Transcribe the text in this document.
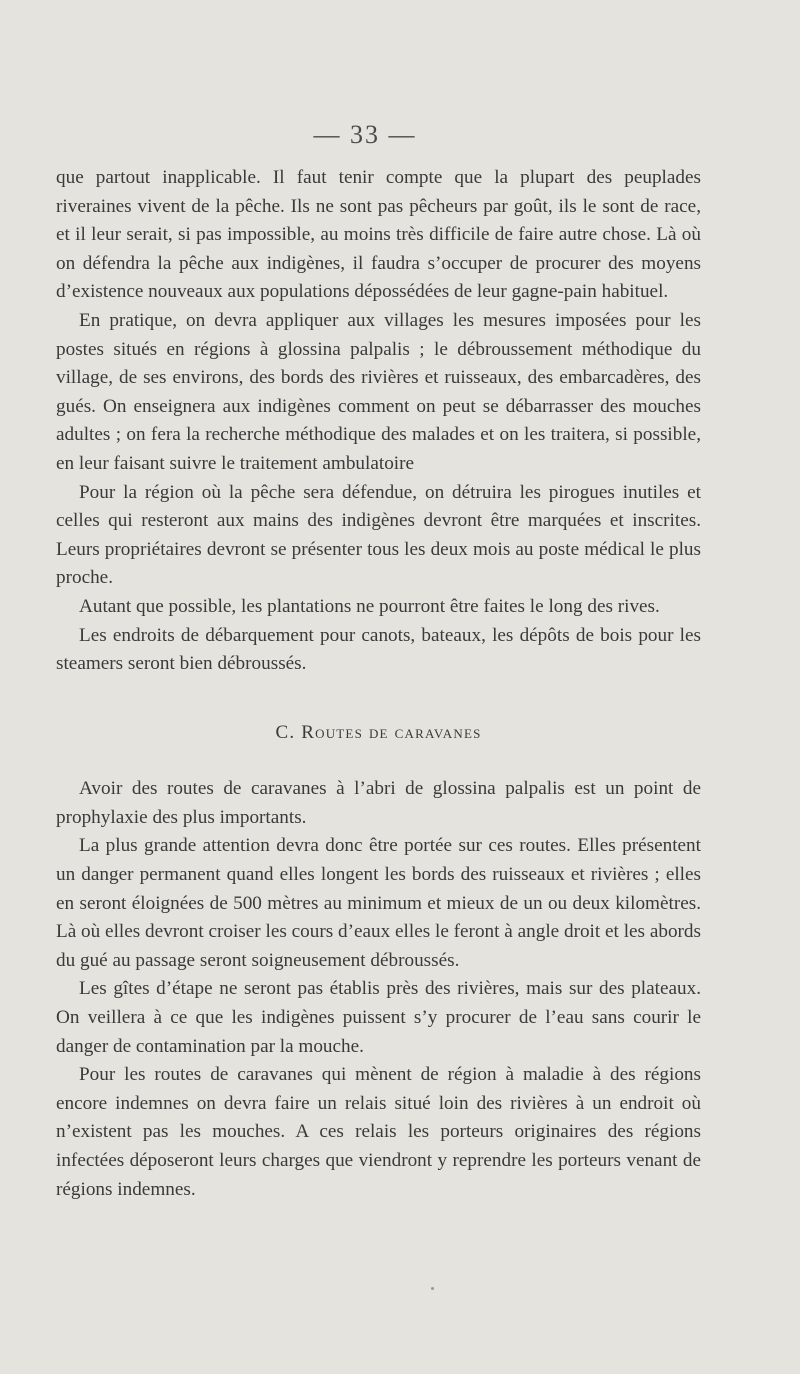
— 33 —

que partout inapplicable. Il faut tenir compte que la plupart des peuplades riveraines vivent de la pêche. Ils ne sont pas pêcheurs par goût, ils le sont de race, et il leur serait, si pas impossible, au moins très difficile de faire autre chose. Là où on défendra la pêche aux indigènes, il faudra s’occuper de procurer des moyens d’existence nouveaux aux populations dépossédées de leur gagne-pain habituel.

En pratique, on devra appliquer aux villages les mesures imposées pour les postes situés en régions à glossina palpalis ; le débroussement méthodique du village, de ses environs, des bords des rivières et ruisseaux, des embarcadères, des gués. On enseignera aux indigènes comment on peut se débarrasser des mouches adultes ; on fera la recherche méthodique des malades et on les traitera, si possible, en leur faisant suivre le traitement ambulatoire

Pour la région où la pêche sera défendue, on détruira les pirogues inutiles et celles qui resteront aux mains des indigènes devront être marquées et inscrites. Leurs propriétaires devront se présenter tous les deux mois au poste médical le plus proche.

Autant que possible, les plantations ne pourront être faites le long des rives.

Les endroits de débarquement pour canots, bateaux, les dépôts de bois pour les steamers seront bien débroussés.

C. Routes de caravanes

Avoir des routes de caravanes à l’abri de glossina palpalis est un point de prophylaxie des plus importants.

La plus grande attention devra donc être portée sur ces routes. Elles présentent un danger permanent quand elles longent les bords des ruisseaux et rivières ; elles en seront éloignées de 500 mètres au minimum et mieux de un ou deux kilomètres. Là où elles devront croiser les cours d’eaux elles le feront à angle droit et les abords du gué au passage seront soigneusement débroussés.

Les gîtes d’étape ne seront pas établis près des rivières, mais sur des plateaux. On veillera à ce que les indigènes puissent s’y procurer de l’eau sans courir le danger de contamination par la mouche.

Pour les routes de caravanes qui mènent de région à maladie à des régions encore indemnes on devra faire un relais situé loin des rivières à un endroit où n’existent pas les mouches. A ces relais les porteurs originaires des régions infectées déposeront leurs charges que viendront y reprendre les porteurs venant de régions indemnes.
